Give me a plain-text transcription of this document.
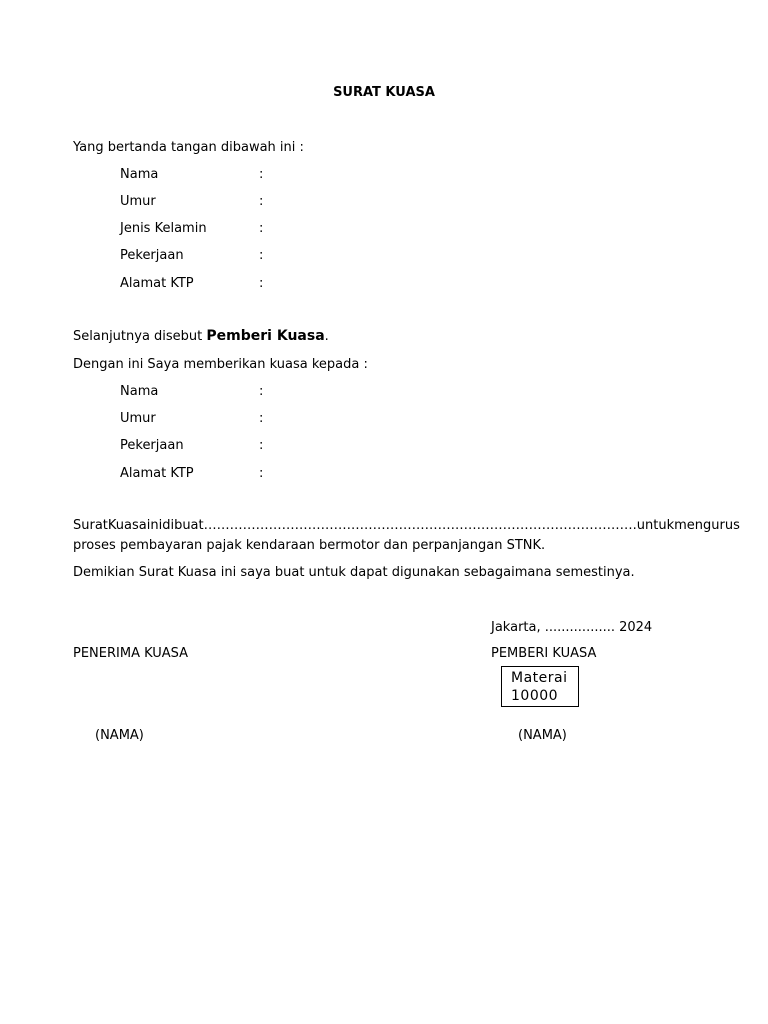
SURAT KUASA
Yang bertanda tangan dibawah ini :
Nama	:
Umur	:
Jenis Kelamin	:
Pekerjaan	:
Alamat KTP	:
Selanjutnya disebut Pemberi Kuasa.
Dengan ini Saya memberikan kuasa kepada :
Nama	:
Umur	:
Pekerjaan	:
Alamat KTP	:
Surat Kuasa ini dibuat ………………………………………………………………………………………. untuk mengurus
proses pembayaran pajak kendaraan bermotor dan perpanjangan STNK.
Demikian Surat Kuasa ini saya buat untuk dapat digunakan sebagaimana semestinya.
Jakarta, ................. 2024
PENERIMA KUASA	PEMBERI KUASA
Materai
10000
(NAMA)	(NAMA)
